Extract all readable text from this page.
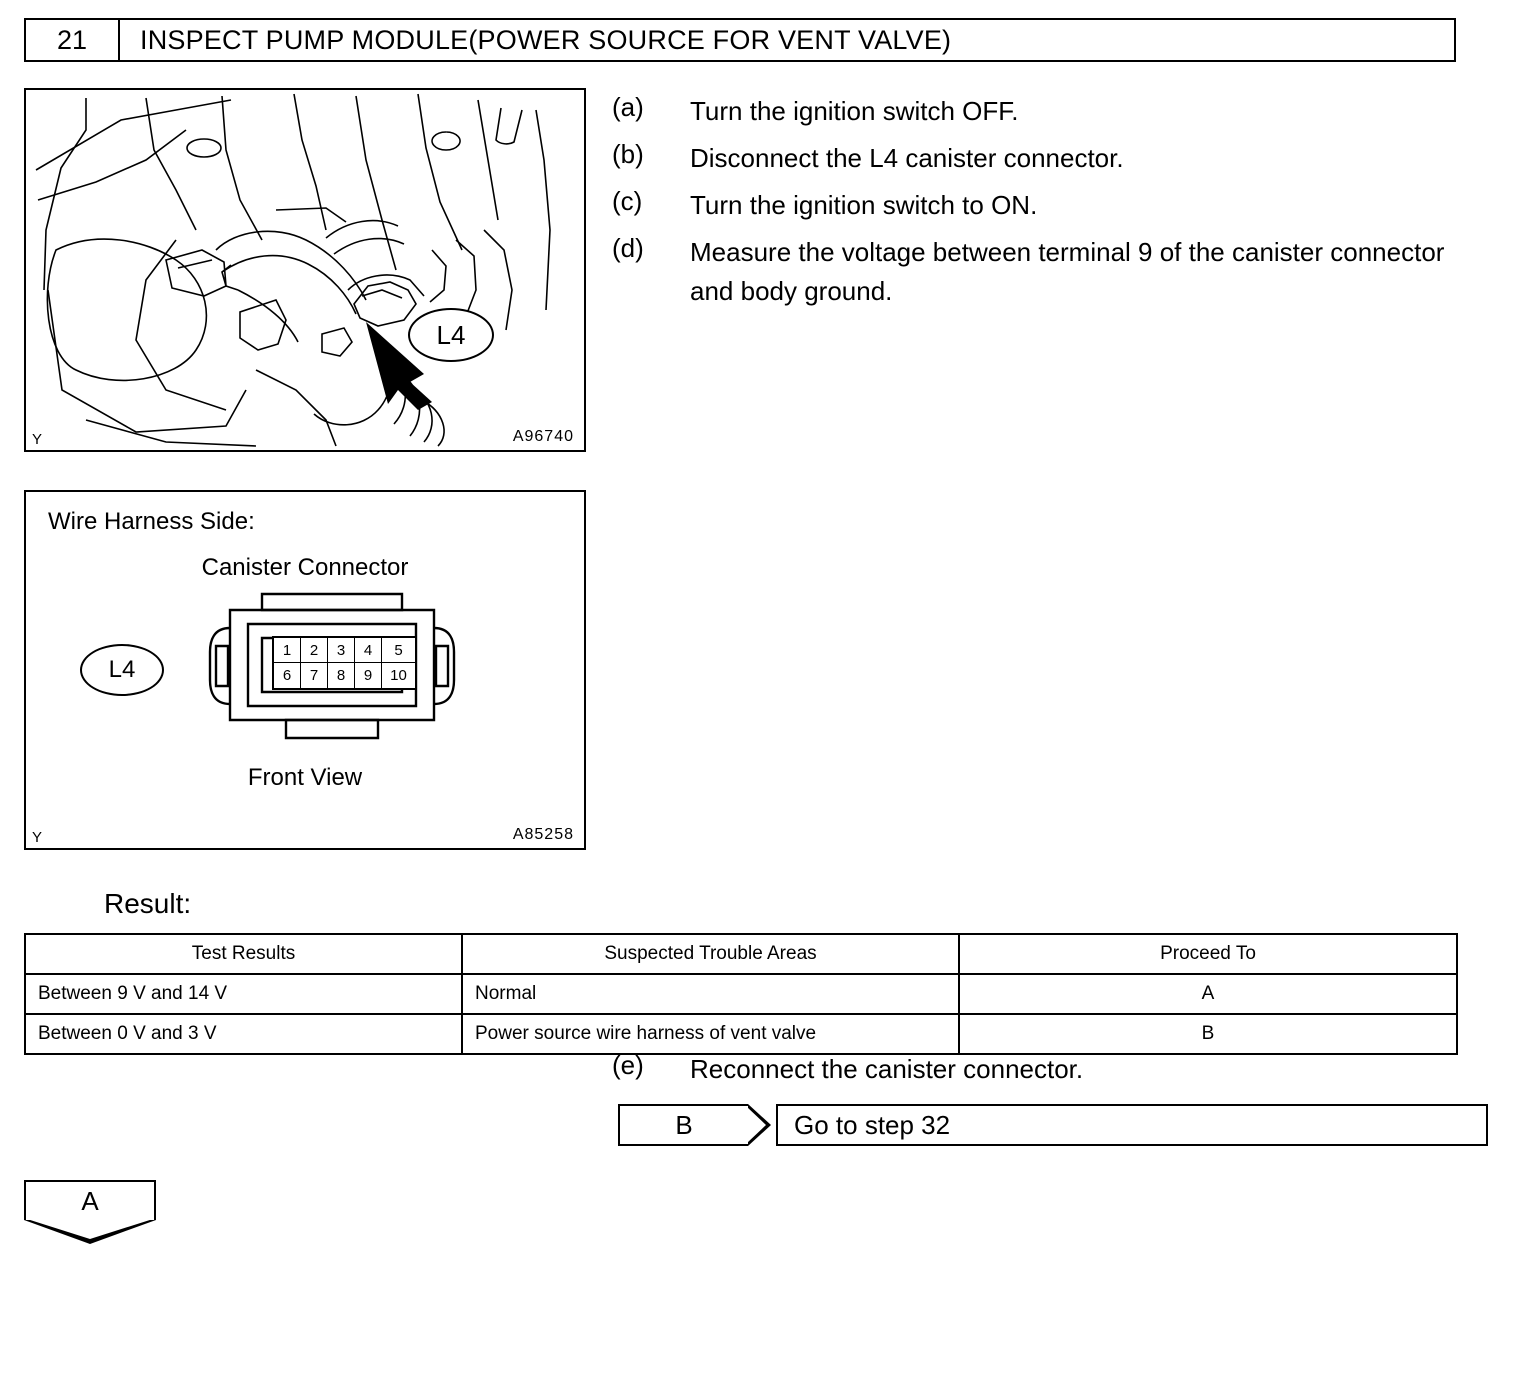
21	INSPECT PUMP MODULE(POWER SOURCE FOR VENT VALVE)
L4
Y	A96740
Wire Harness Side:
Canister Connector
L4
1	2	3	4	5
6	7	8	9	10
Front View
Y	A85258
(a)	Turn the ignition switch OFF.
(b)	Disconnect the L4 canister connector.
(c)	Turn the ignition switch to ON.
(d)	Measure the voltage between terminal 9 of the canister connector and body ground.
Result:
Test Results	Suspected Trouble Areas	Proceed To
Between 9 V and 14 V	Normal	A
Between 0 V and 3 V	Power source wire harness of vent valve	B
(e)	Reconnect the canister connector.
B	Go to step 32
A
